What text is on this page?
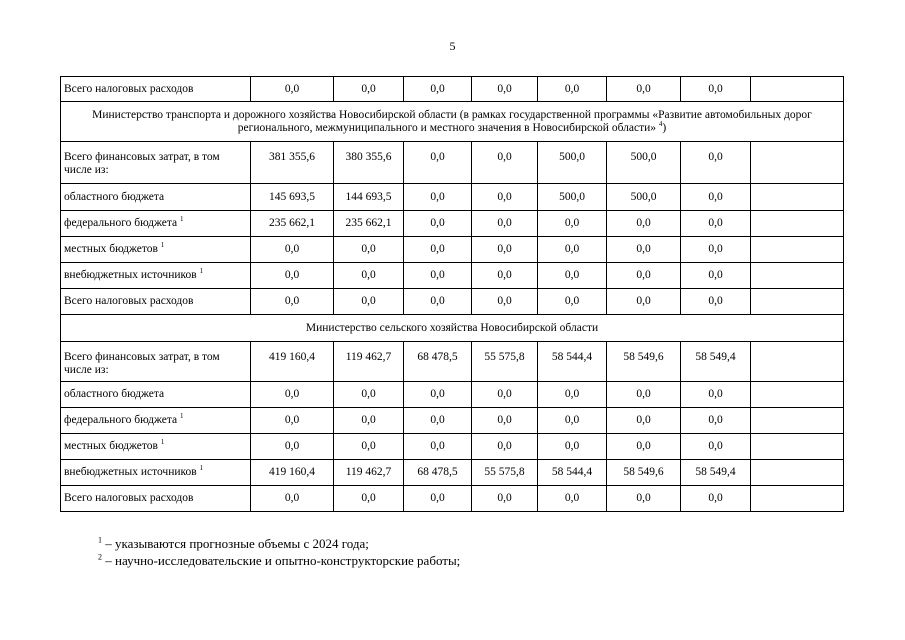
5
Всего налоговых расходов	0,0	0,0	0,0	0,0	0,0	0,0	0,0	
Министерство транспорта и дорожного хозяйства Новосибирской области (в рамках государственной программы «Развитие автомобильных дорог регионального, межмуниципального и местного значения в Новосибирской области» $^4$)								
Всего финансовых затрат, в том числе из:	381 355,6	380 355,6	0,0	0,0	500,0	500,0	0,0	
областного бюджета	145 693,5	144 693,5	0,0	0,0	500,0	500,0	0,0	
федерального бюджета $^1$	235 662,1	235 662,1	0,0	0,0	0,0	0,0	0,0	
местных бюджетов $^1$	0,0	0,0	0,0	0,0	0,0	0,0	0,0	
внебюджетных источников $^1$	0,0	0,0	0,0	0,0	0,0	0,0	0,0	
Всего налоговых расходов	0,0	0,0	0,0	0,0	0,0	0,0	0,0	
Министерство сельского хозяйства Новосибирской области								
Всего финансовых затрат, в том числе из:	419 160,4	119 462,7	68 478,5	55 575,8	58 544,4	58 549,6	58 549,4	
областного бюджета	0,0	0,0	0,0	0,0	0,0	0,0	0,0	
федерального бюджета $^1$	0,0	0,0	0,0	0,0	0,0	0,0	0,0	
местных бюджетов $^1$	0,0	0,0	0,0	0,0	0,0	0,0	0,0	
внебюджетных источников $^1$	419 160,4	119 462,7	68 478,5	55 575,8	58 544,4	58 549,6	58 549,4	
Всего налоговых расходов	0,0	0,0	0,0	0,0	0,0	0,0	0,0	
$^1$ – указываются прогнозные объемы с 2024 года;
$^2$ – научно-исследовательские и опытно-конструкторские работы;
